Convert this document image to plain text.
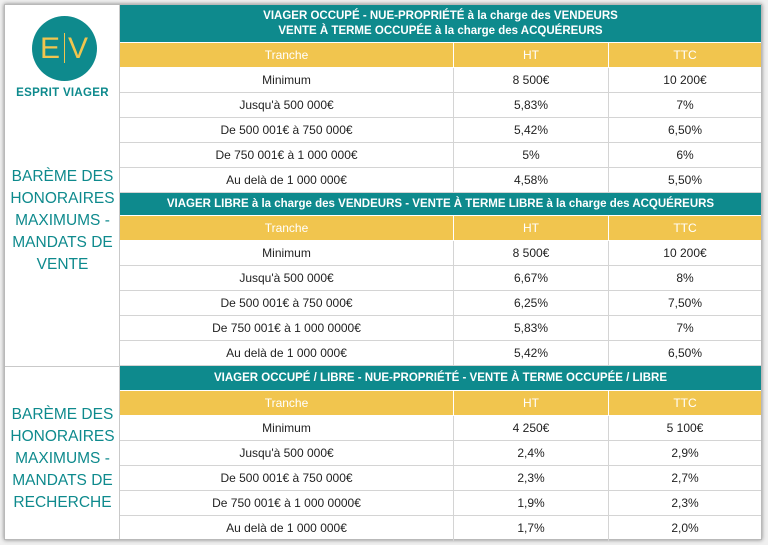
E V
ESPRIT VIAGER
BARÈME DES
HONORAIRES
MAXIMUMS -
MANDATS DE
VENTE
BARÈME DES
HONORAIRES
MAXIMUMS -
MANDATS DE
RECHERCHE
VIAGER OCCUPÉ - NUE-PROPRIÉTÉ à la charge des VENDEURS
VENTE À TERME OCCUPÉE à la charge des ACQUÉREURS
Tranche	HT	TTC
Minimum	8 500€	10 200€
Jusqu'à 500 000€	5,83%	7%
De 500 001€ à 750 000€	5,42%	6,50%
De 750 001€ à 1 000 000€	5%	6%
Au delà de 1 000 000€	4,58%	5,50%
VIAGER LIBRE à la charge des VENDEURS - VENTE À TERME LIBRE à la charge des ACQUÉREURS
Tranche	HT	TTC
Minimum	8 500€	10 200€
Jusqu'à 500 000€	6,67%	8%
De 500 001€ à 750 000€	6,25%	7,50%
De 750 001€ à 1 000 0000€	5,83%	7%
Au delà de 1 000 000€	5,42%	6,50%
VIAGER OCCUPÉ / LIBRE - NUE-PROPRIÉTÉ - VENTE À TERME OCCUPÉE / LIBRE
Tranche	HT	TTC
Minimum	4 250€	5 100€
Jusqu'à 500 000€	2,4%	2,9%
De 500 001€ à 750 000€	2,3%	2,7%
De 750 001€ à 1 000 0000€	1,9%	2,3%
Au delà de 1 000 000€	1,7%	2,0%
